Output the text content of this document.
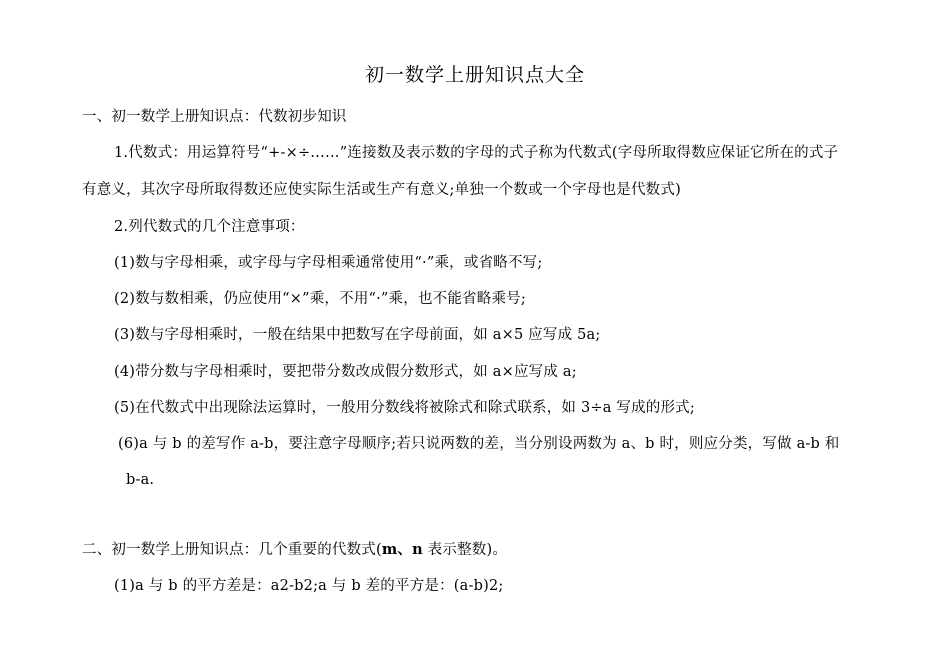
初一数学上册知识点大全
一、初一数学上册知识点：代数初步知识
1.代数式：用运算符号“+-×÷……”连接数及表示数的字母的式子称为代数式(字母所取得数应保证它所在的式子
有意义，其次字母所取得数还应使实际生活或生产有意义;单独一个数或一个字母也是代数式)
2.列代数式的几个注意事项：
(1)数与字母相乘，或字母与字母相乘通常使用“·”乘，或省略不写;
(2)数与数相乘，仍应使用“×”乘，不用“·”乘，也不能省略乘号;
(3)数与字母相乘时，一般在结果中把数写在字母前面，如 a×5 应写成 5a;
(4)带分数与字母相乘时，要把带分数改成假分数形式，如 a×应写成 a;
(5)在代数式中出现除法运算时，一般用分数线将被除式和除式联系，如 3÷a 写成的形式;
(6)a 与 b 的差写作 a-b，要注意字母顺序;若只说两数的差，当分别设两数为 a、b 时，则应分类，写做 a-b 和
b-a.
二、初一数学上册知识点：几个重要的代数式(m、n 表示整数)。
(1)a 与 b 的平方差是：a2-b2;a 与 b 差的平方是：(a-b)2;
